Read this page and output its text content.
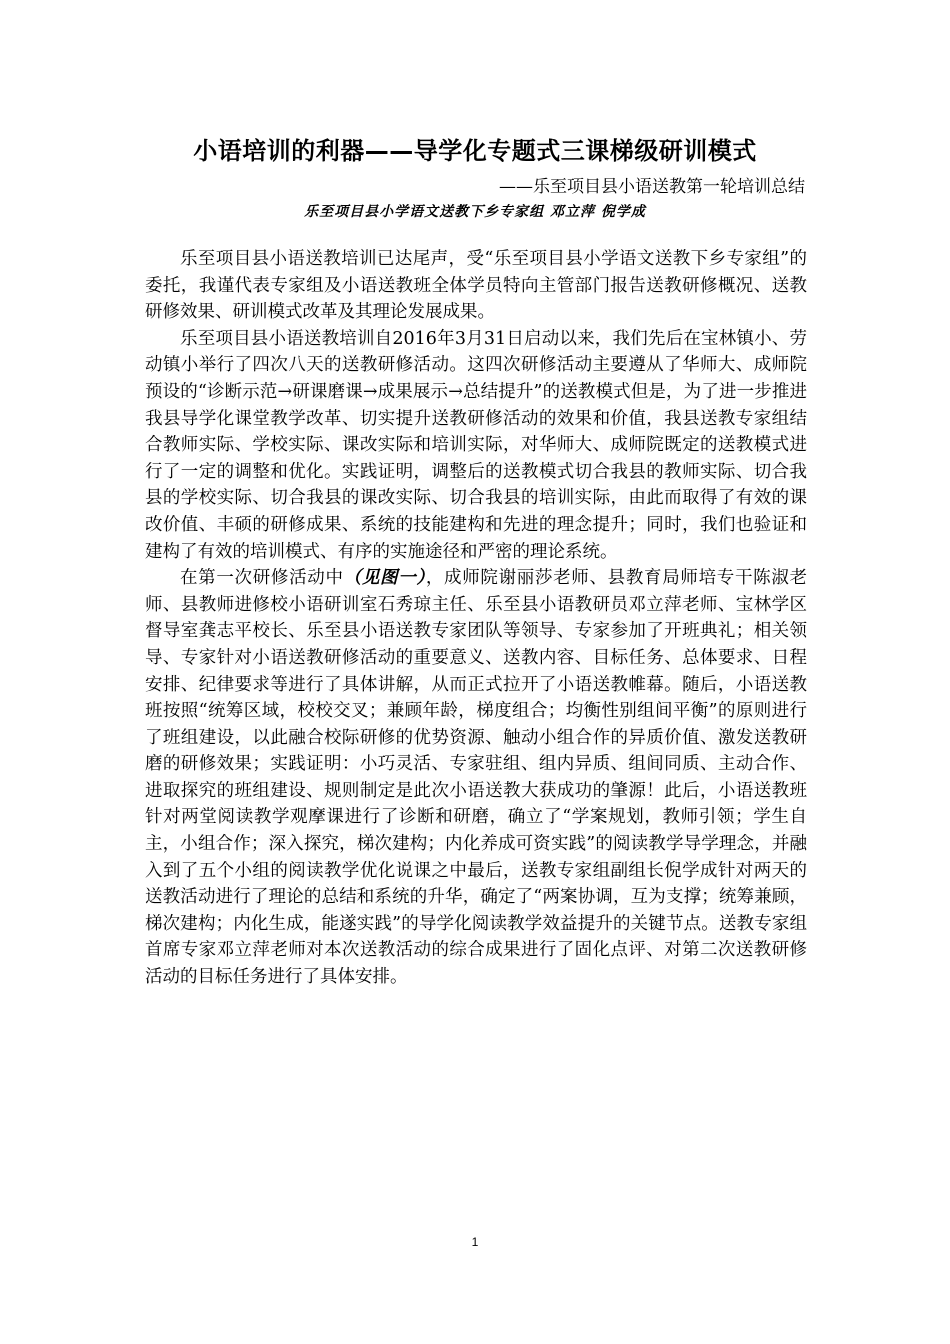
小语培训的利器——导学化专题式三课梯级研训模式
——乐至项目县小语送教第一轮培训总结
乐至项目县小学语文送教下乡专家组 邓立萍 倪学成

乐至项目县小语送教培训已达尾声，受“乐至项目县小学语文送教下乡专家组”的委托，我谨代表专家组及小语送教班全体学员特向主管部门报告送教研修概况、送教研修效果、研训模式改革及其理论发展成果。

乐至项目县小语送教培训自2016年3月31日启动以来，我们先后在宝林镇小、劳动镇小举行了四次八天的送教研修活动。这四次研修活动主要遵从了华师大、成师院预设的“诊断示范→研课磨课→成果展示→总结提升”的送教模式但是，为了进一步推进我县导学化课堂教学改革、切实提升送教研修活动的效果和价值，我县送教专家组结合教师实际、学校实际、课改实际和培训实际，对华师大、成师院既定的送教模式进行了一定的调整和优化。实践证明，调整后的送教模式切合我县的教师实际、切合我县的学校实际、切合我县的课改实际、切合我县的培训实际，由此而取得了有效的课改价值、丰硕的研修成果、系统的技能建构和先进的理念提升；同时，我们也验证和建构了有效的培训模式、有序的实施途径和严密的理论系统。

在第一次研修活动中（见图一），成师院谢丽莎老师、县教育局师培专干陈淑老师、县教师进修校小语研训室石秀琼主任、乐至县小语教研员邓立萍老师、宝林学区督导室龚志平校长、乐至县小语送教专家团队等领导、专家参加了开班典礼；相关领导、专家针对小语送教研修活动的重要意义、送教内容、目标任务、总体要求、日程安排、纪律要求等进行了具体讲解，从而正式拉开了小语送教帷幕。随后，小语送教班按照“统筹区域，校校交叉；兼顾年龄，梯度组合；均衡性别组间平衡”的原则进行了班组建设，以此融合校际研修的优势资源、触动小组合作的异质价值、激发送教研磨的研修效果；实践证明：小巧灵活、专家驻组、组内异质、组间同质、主动合作、进取探究的班组建设、规则制定是此次小语送教大获成功的肇源！此后，小语送教班针对两堂阅读教学观摩课进行了诊断和研磨，确立了“学案规划，教师引领；学生自主，小组合作；深入探究，梯次建构；内化养成可资实践”的阅读教学导学理念，并融入到了五个小组的阅读教学优化说课之中最后，送教专家组副组长倪学成针对两天的送教活动进行了理论的总结和系统的升华，确定了“两案协调，互为支撑；统筹兼顾，梯次建构；内化生成，能遂实践”的导学化阅读教学效益提升的关键节点。送教专家组首席专家邓立萍老师对本次送教活动的综合成果进行了固化点评、对第二次送教研修活动的目标任务进行了具体安排。

1
